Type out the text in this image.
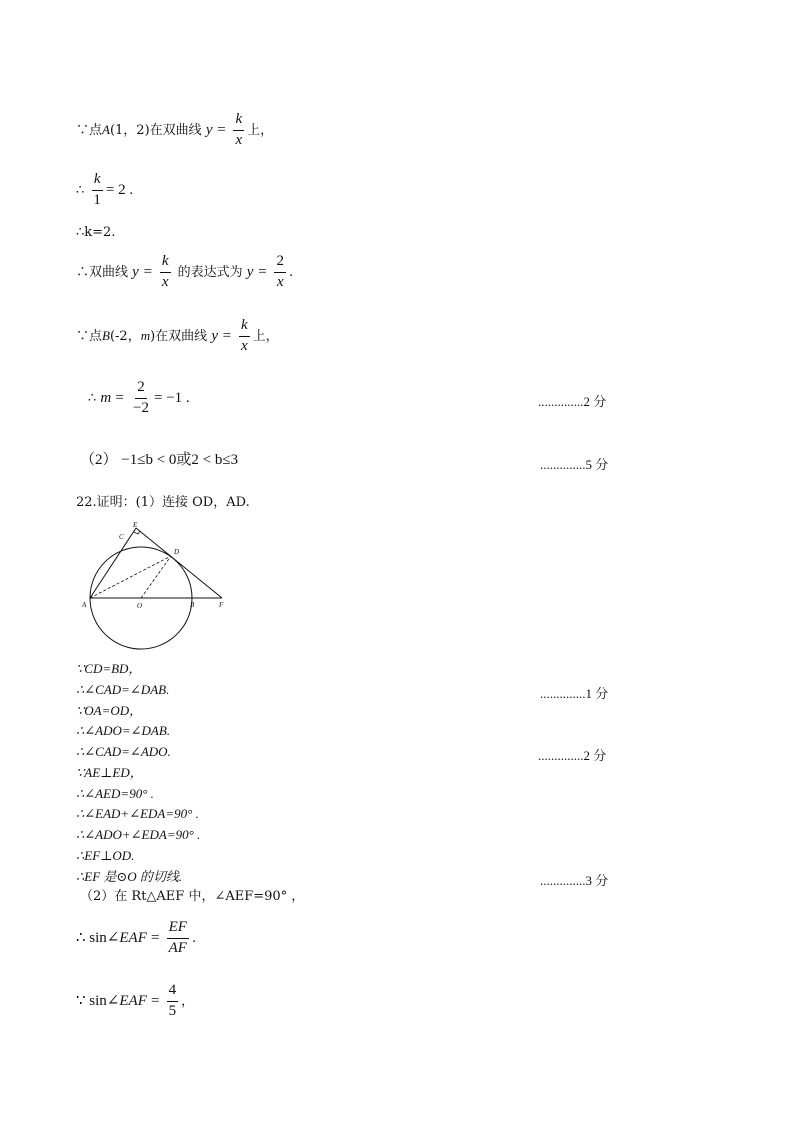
∵点A(1，2)在双曲线 $y = \frac{k}{x}$ 上，
∴ $\frac{k}{1} = 2$ .
∴k=2.
∴双曲线 $y = \frac{k}{x}$ 的表达式为 $y = \frac{2}{x}$ .
∵点B(-2，m)在双曲线 $y = \frac{k}{x}$ 上，
∴ $m = \frac{2}{-2} = -1$ .	..............2 分
（2） −1≤b < 0或2 < b≤3	..............5 分
22.证明：(1）连接 OD，AD.
E
C
D
A	O	B	F
∵CD=BD，
∴∠CAD=∠DAB.	..............1 分
∵OA=OD，
∴∠ADO=∠DAB.
∴∠CAD=∠ADO.	..............2 分
∵AE⊥ED，
∴∠AED=90° .
∴∠EAD+∠EDA=90° .
∴∠ADO+∠EDA=90° .
∴EF⊥OD.
∴EF 是⊙O 的切线.	..............3 分
（2）在 Rt△AEF 中，∠AEF=90° ，
∴ sin∠EAF = $\frac{EF}{AF}$ .
∵ sin∠EAF = $\frac{4}{5}$ ，
